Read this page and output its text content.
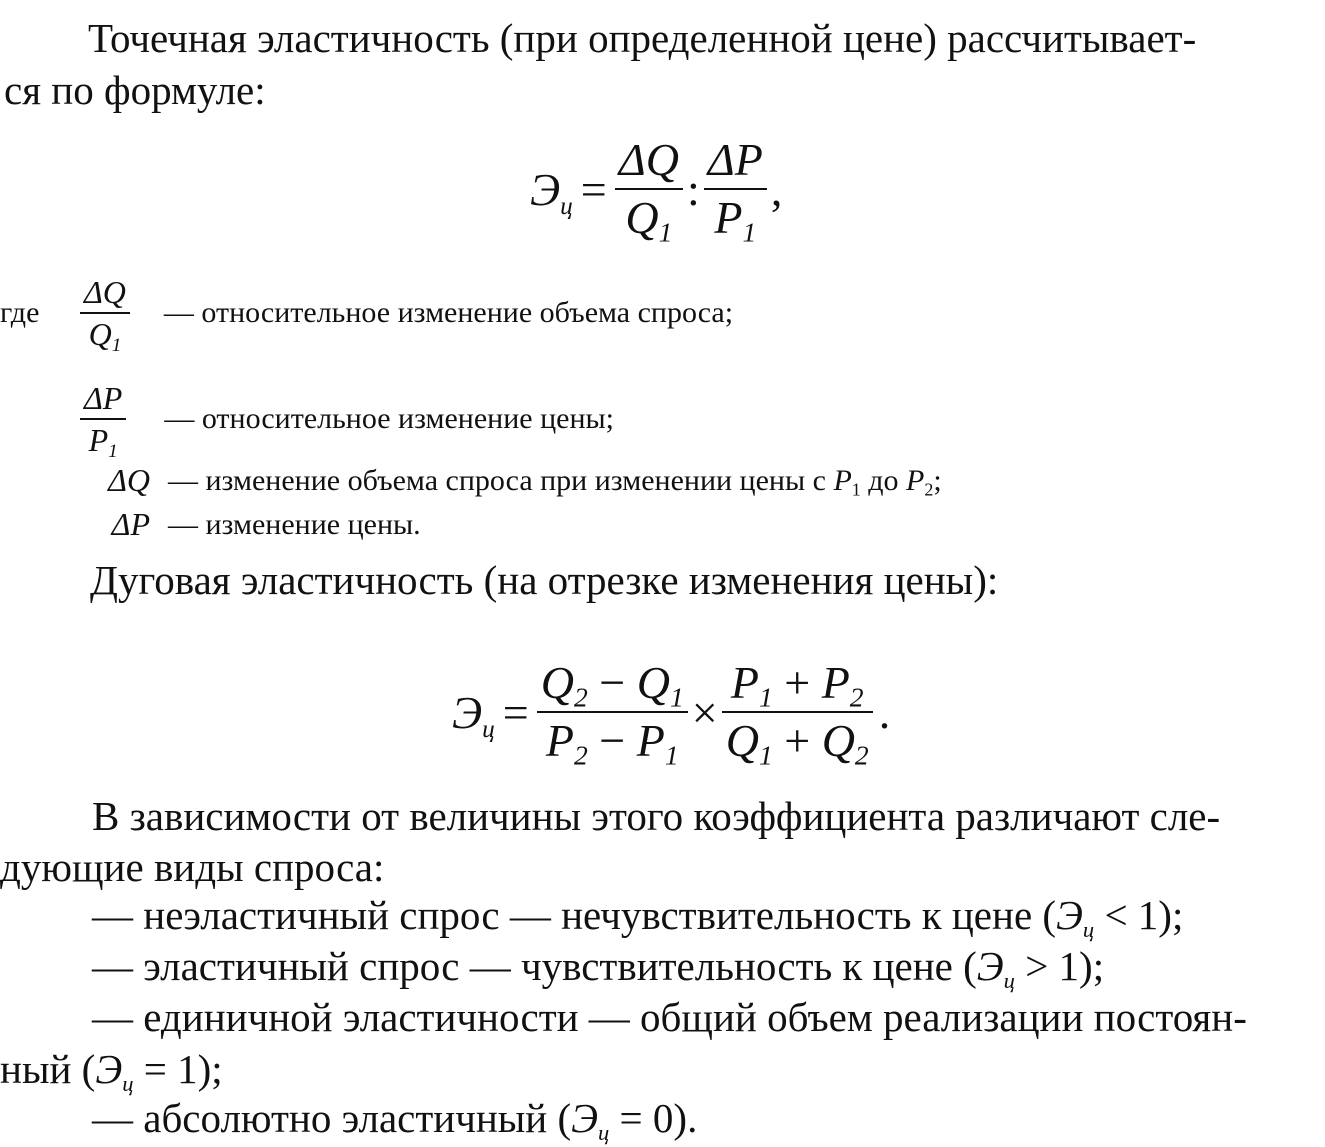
Точечная эластичность (при определенной цене) рассчитывает-
ся по формуле:
$Э_ц = \frac{\Delta Q}{Q_1}$ : $\frac{\Delta P}{P_1}$ ,
где	$\frac{\Delta Q}{Q_1}$ — относительное изменение объема спроса;
$\frac{\Delta P}{P_1}$ — относительное изменение цены;
ΔQ — изменение объема спроса при изменении цены с $P_1$ до $P_2$;
ΔP — изменение цены.
Дуговая эластичность (на отрезке изменения цены):
$Э_ц = \frac{Q_2 - Q_1}{P_2 - P_1} \times \frac{P_1 + P_2}{Q_1 + Q_2}$ .
В зависимости от величины этого коэффициента различают сле-
дующие виды спроса:
— неэластичный спрос — нечувствительность к цене $(Э_ц < 1)$;
— эластичный спрос — чувствительность к цене $(Э_ц > 1)$;
— единичной эластичности — общий объем реализации постоян-
ный $(Э_ц = 1)$;
— абсолютно эластичный $(Э_ц = 0)$.
